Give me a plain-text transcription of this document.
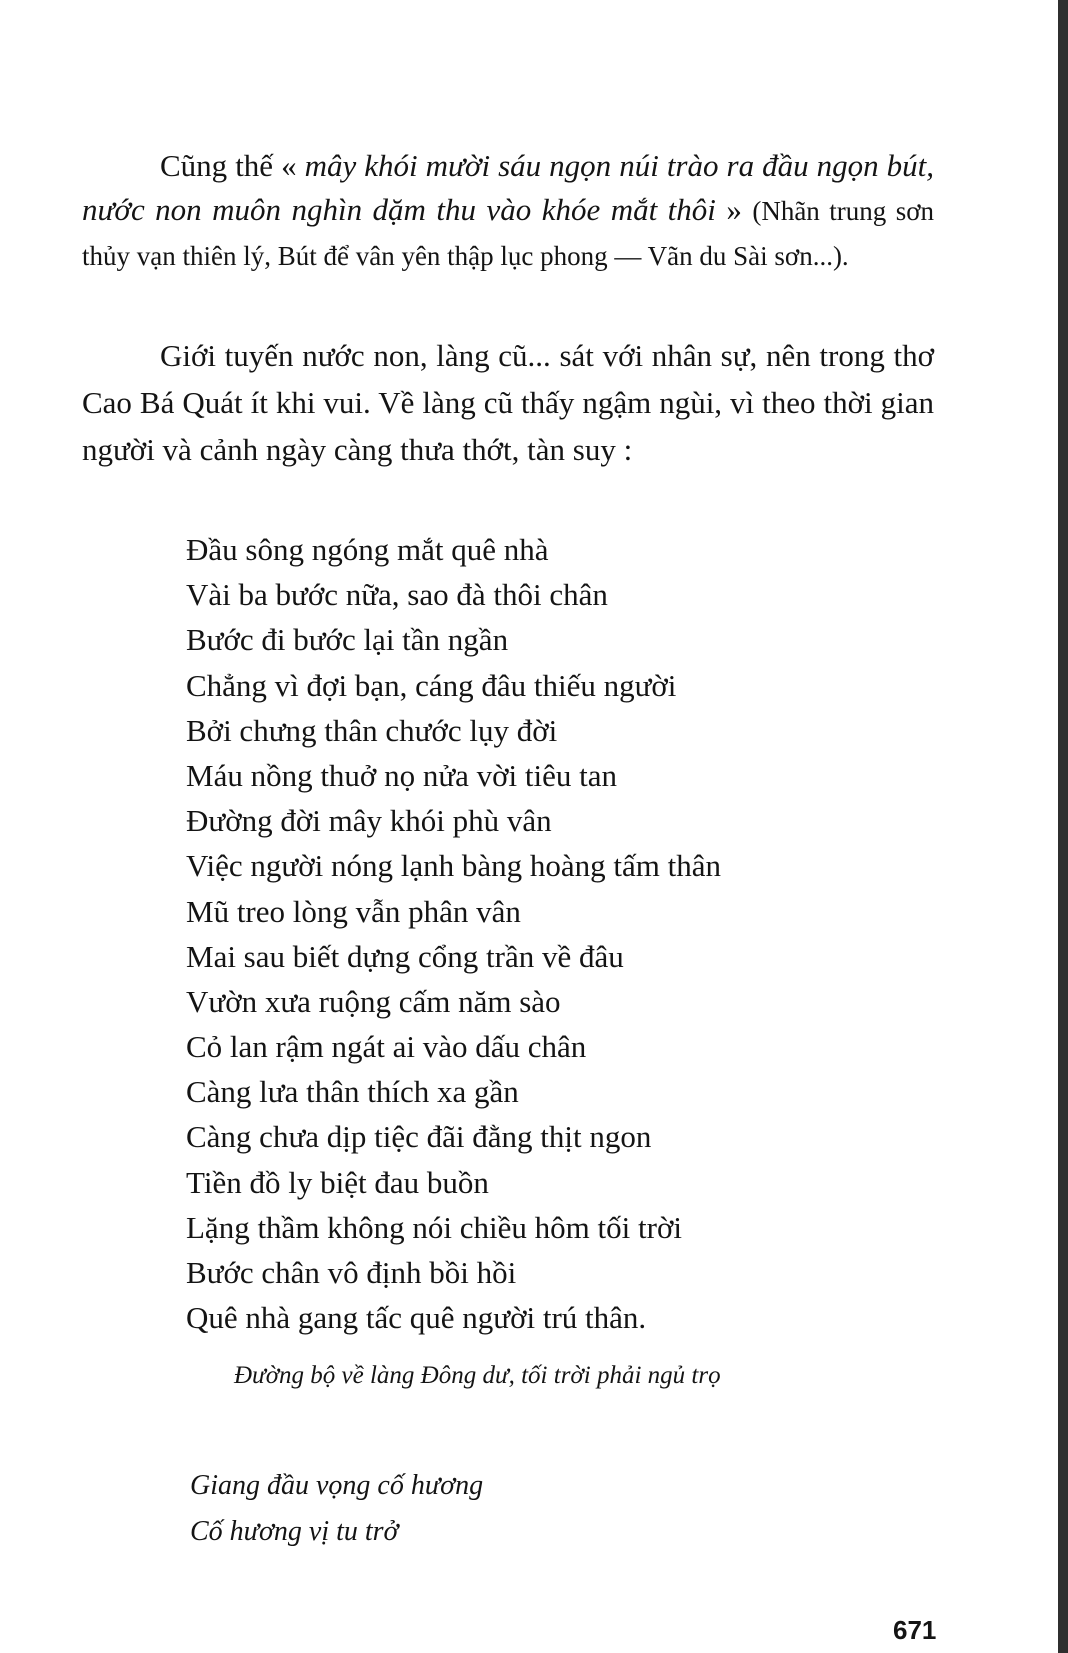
Cũng thế « mây khói mười sáu ngọn núi trào ra đầu ngọn bút, nước non muôn nghìn dặm thu vào khóe mắt thôi » (Nhãn trung sơn thủy vạn thiên lý, Bút để vân yên thập lục phong — Vãn du Sài sơn...).

Giới tuyến nước non, làng cũ... sát với nhân sự, nên trong thơ Cao Bá Quát ít khi vui. Về làng cũ thấy ngậm ngùi, vì theo thời gian người và cảnh ngày càng thưa thớt, tàn suy :

Đầu sông ngóng mắt quê nhà
Vài ba bước nữa, sao đà thôi chân
Bước đi bước lại tần ngần
Chẳng vì đợi bạn, cáng đâu thiếu người
Bởi chưng thân chước lụy đời
Máu nồng thuở nọ nửa vời tiêu tan
Đường đời mây khói phù vân
Việc người nóng lạnh bàng hoàng tấm thân
Mũ treo lòng vẫn phân vân
Mai sau biết dựng cổng trần về đâu
Vườn xưa ruộng cấm năm sào
Cỏ lan rậm ngát ai vào dấu chân
Càng lưa thân thích xa gần
Càng chưa dịp tiệc đãi đằng thịt ngon
Tiền đồ ly biệt đau buồn
Lặng thầm không nói chiều hôm tối trời
Bước chân vô định bồi hồi
Quê nhà gang tấc quê người trú thân.
Đường bộ về làng Đông dư, tối trời phải ngủ trọ
Giang đầu vọng cố hương
Cố hương vị tu trở
671
